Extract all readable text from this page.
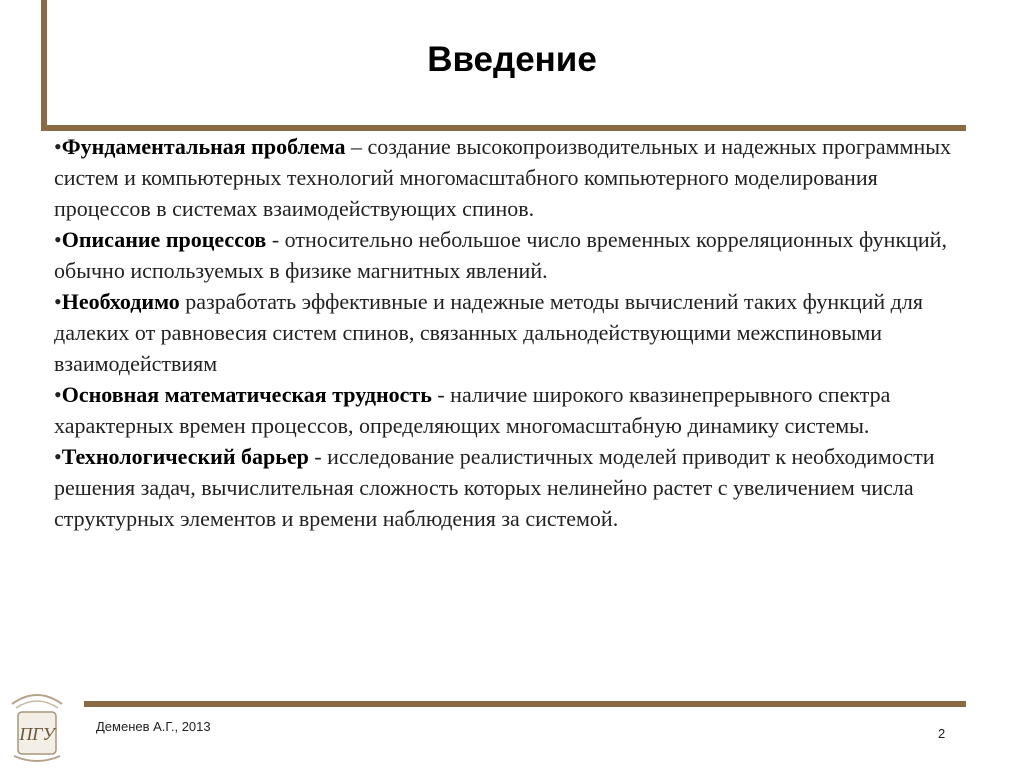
Введение

•Фундаментальная проблема – создание высокопроизводительных и надежных программных систем и компьютерных технологий многомасштабного компьютерного моделирования процессов в системах взаимодействующих спинов.

•Описание процессов - относительно небольшое число временных корреляционных функций, обычно используемых в физике магнитных явлений.

•Необходимо разработать эффективные и надежные методы вычислений таких функций для далеких от равновесия систем спинов, связанных дальнодействующими межспиновыми взаимодействиям

•Основная математическая трудность - наличие широкого квазинепрерывного спектра характерных времен процессов, определяющих многомасштабную динамику системы.

•Технологический барьер - исследование реалистичных моделей приводит к необходимости решения задач, вычислительная сложность которых нелинейно растет с увеличением числа структурных элементов и времени наблюдения за системой.

ПГУ	Деменев А.Г., 2013	2
